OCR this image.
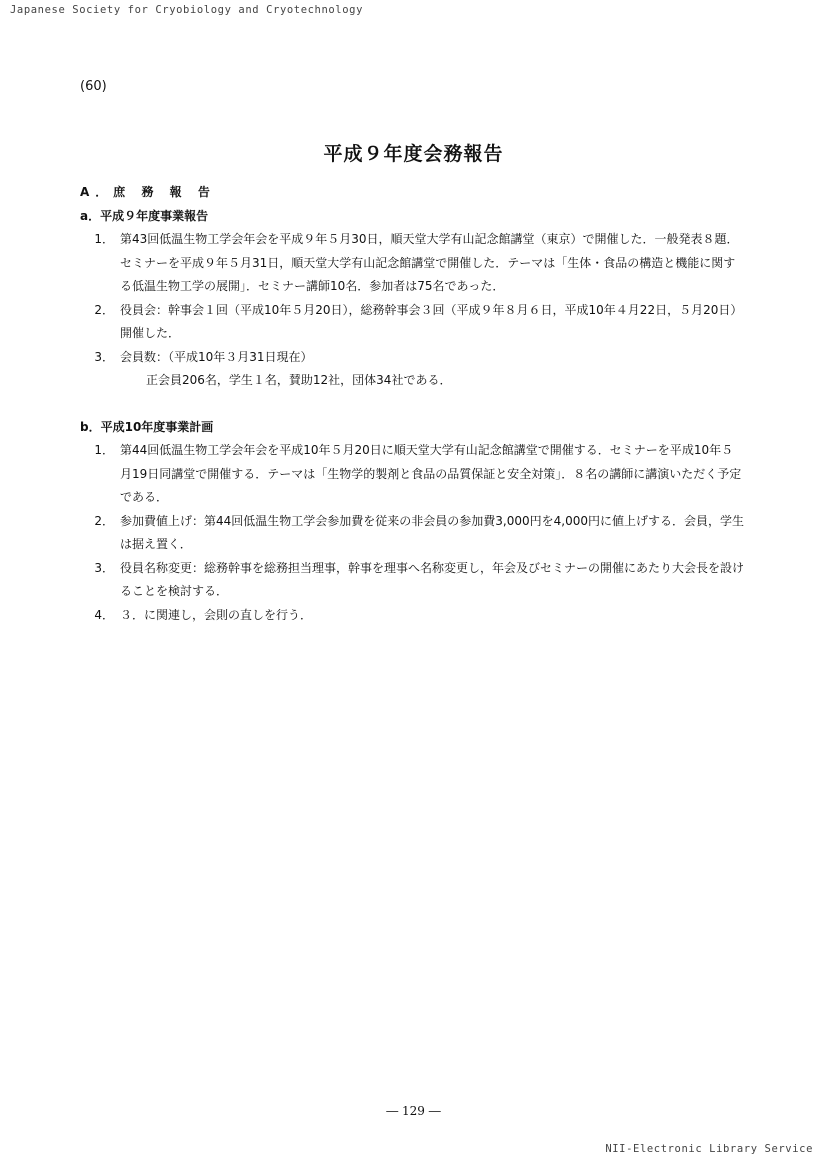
Japanese Society for Cryobiology and Cryotechnology
(60)
平成９年度会務報告
A．庶 務 報 告
a．平成９年度事業報告
1． 第43回低温生物工学会年会を平成９年５月30日，順天堂大学有山記念館講堂（東京）で開催した．一般発表８題．セミナーを平成９年５月31日，順天堂大学有山記念館講堂で開催した．テーマは「生体・食品の構造と機能に関する低温生物工学の展開」．セミナー講師10名．参加者は75名であった．
2． 役員会：幹事会１回（平成10年５月20日），総務幹事会３回（平成９年８月６日，平成10年４月22日，５月20日）開催した．
3． 会員数：（平成10年３月31日現在）
正会員206名，学生１名，賛助12社，団体34社である．
b．平成10年度事業計画
1． 第44回低温生物工学会年会を平成10年５月20日に順天堂大学有山記念館講堂で開催する．セミナーを平成10年５月19日同講堂で開催する．テーマは「生物学的製剤と食品の品質保証と安全対策」．８名の講師に講演いただく予定である．
2． 参加費値上げ：第44回低温生物工学会参加費を従来の非会員の参加費3,000円を4,000円に値上げする．会員，学生は据え置く．
3． 役員名称変更：総務幹事を総務担当理事，幹事を理事へ名称変更し，年会及びセミナーの開催にあたり大会長を設けることを検討する．
4． ３．に関連し，会則の直しを行う．
― 129 ―
NII-Electronic Library Service
